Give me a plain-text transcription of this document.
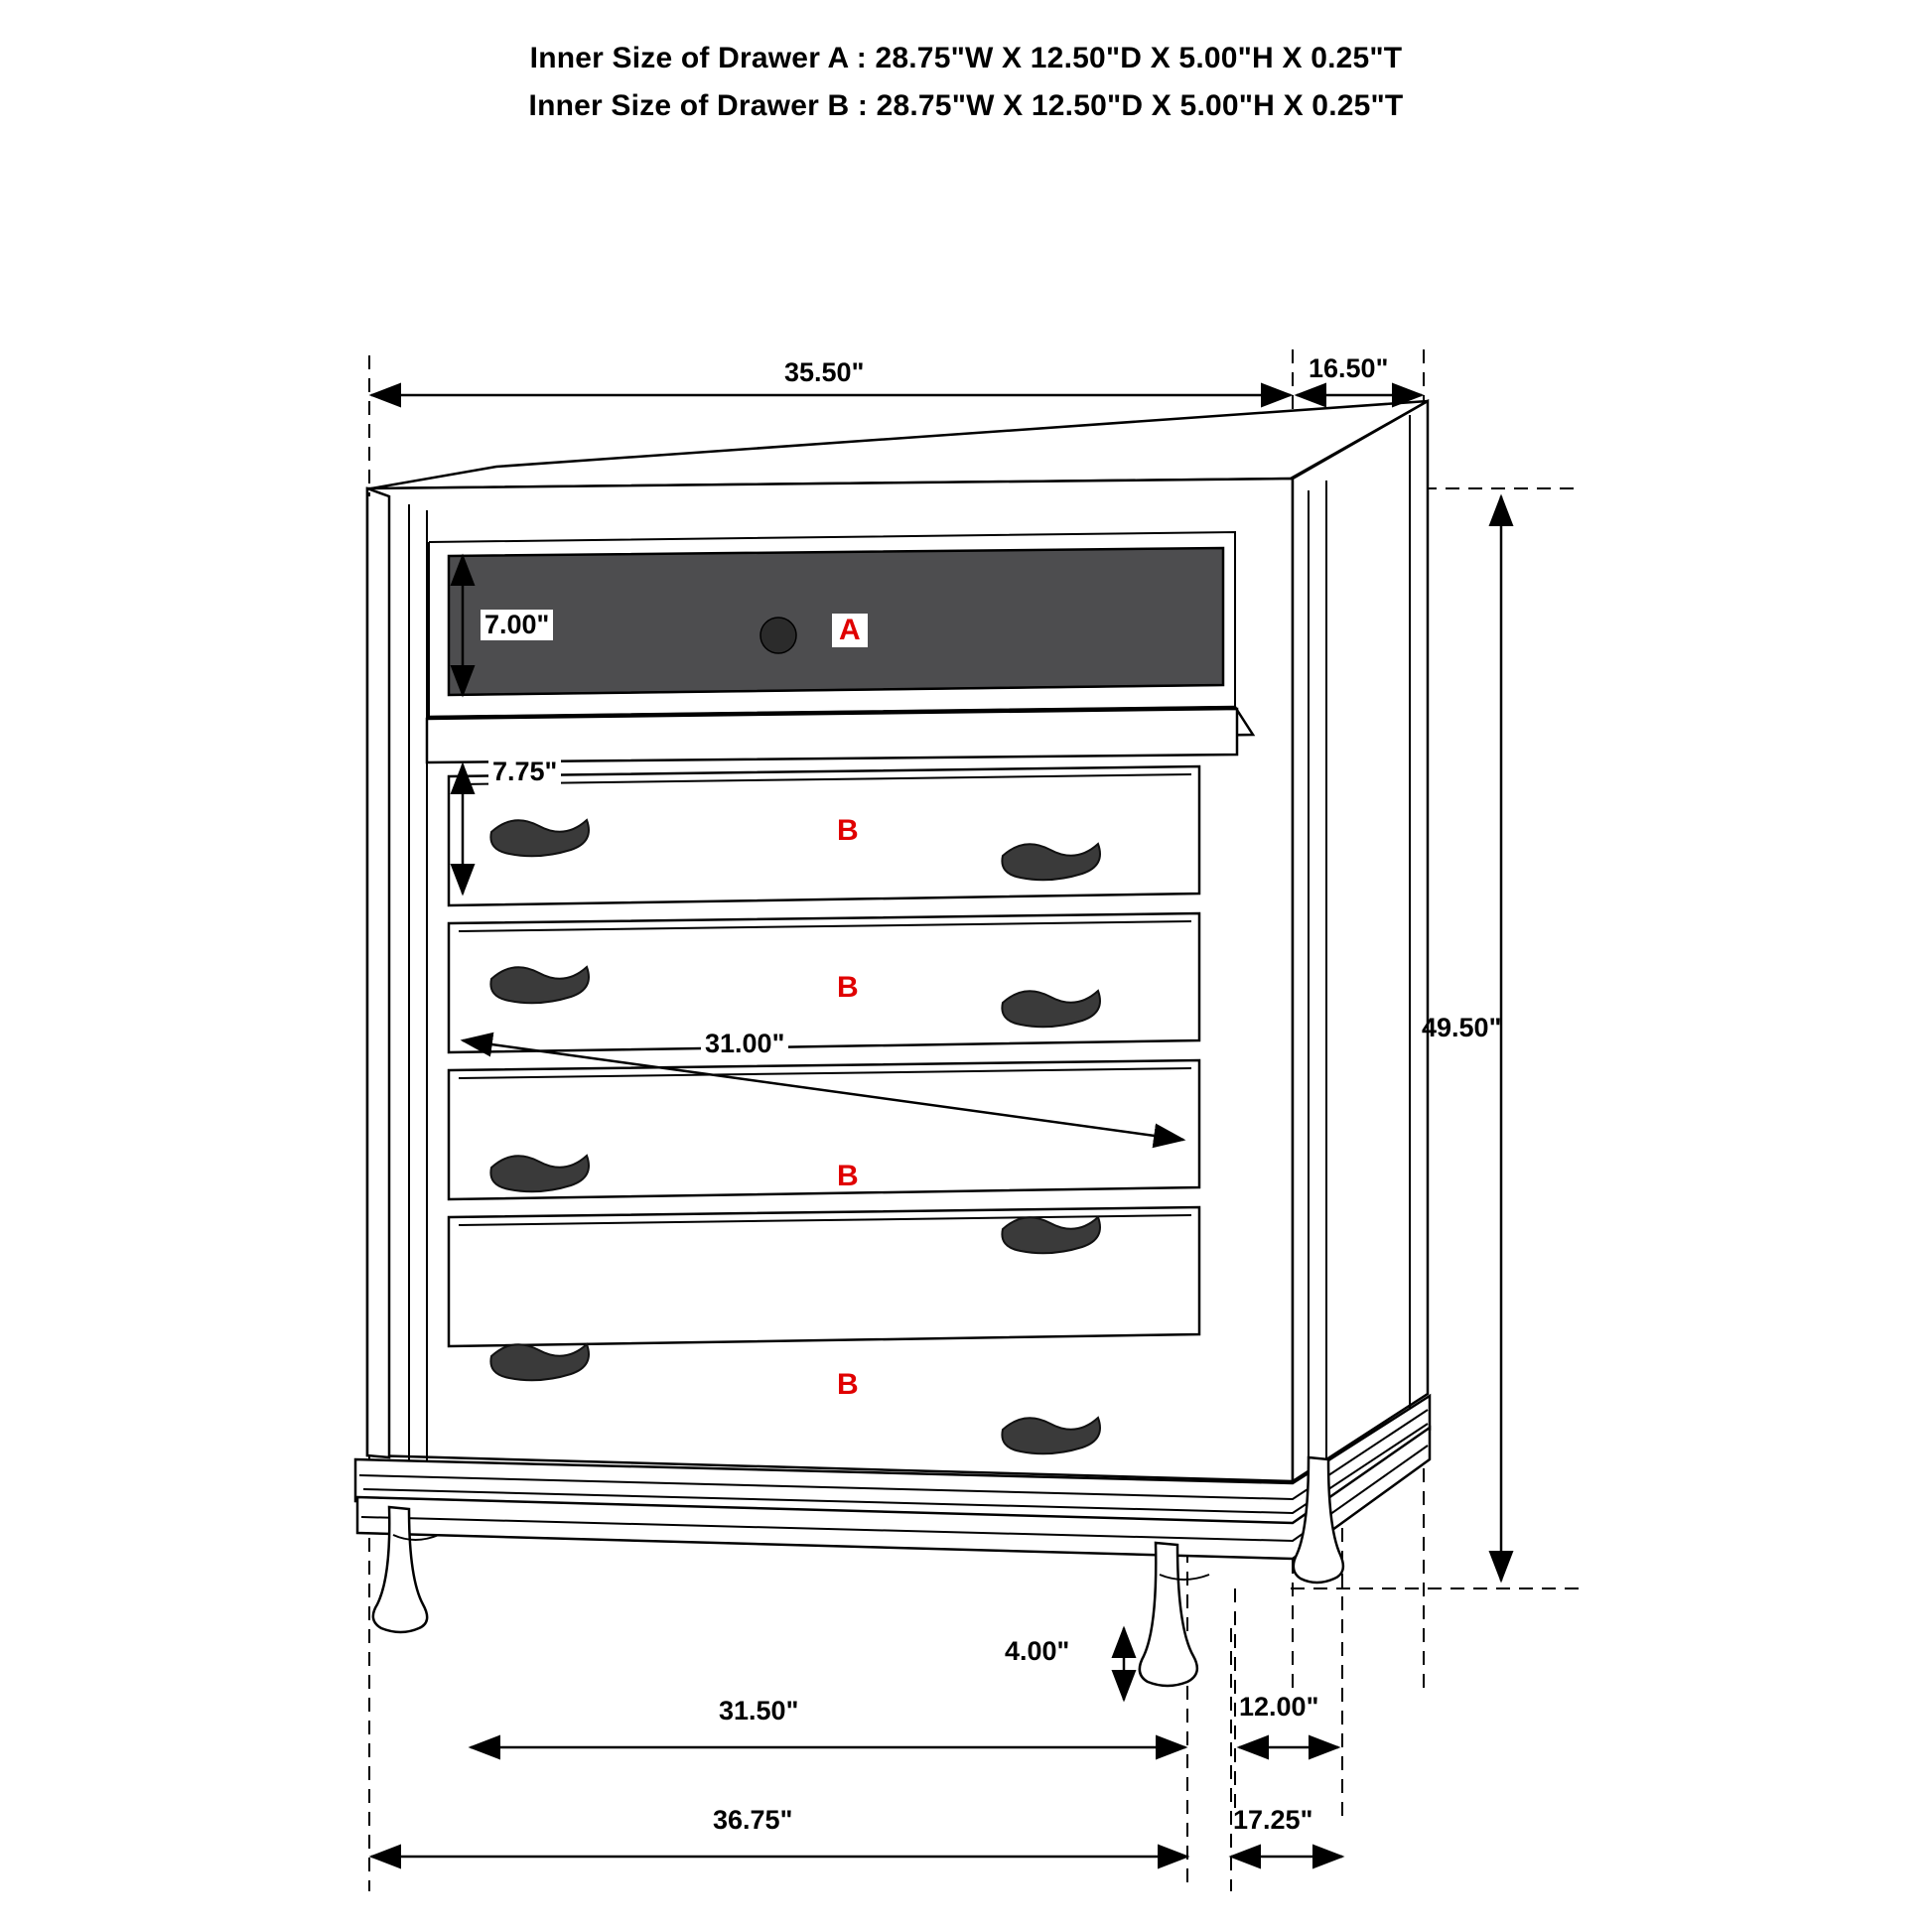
Inner Size of Drawer A : 28.75"W X 12.50"D X 5.00"H X 0.25"T
Inner Size of Drawer B : 28.75"W X 12.50"D X 5.00"H X 0.25"T
35.50"	16.50"
7.00"
7.75"
31.00"
49.50"
4.00"
31.50"	12.00"
36.75"	17.25"
A
B
B
B
B
